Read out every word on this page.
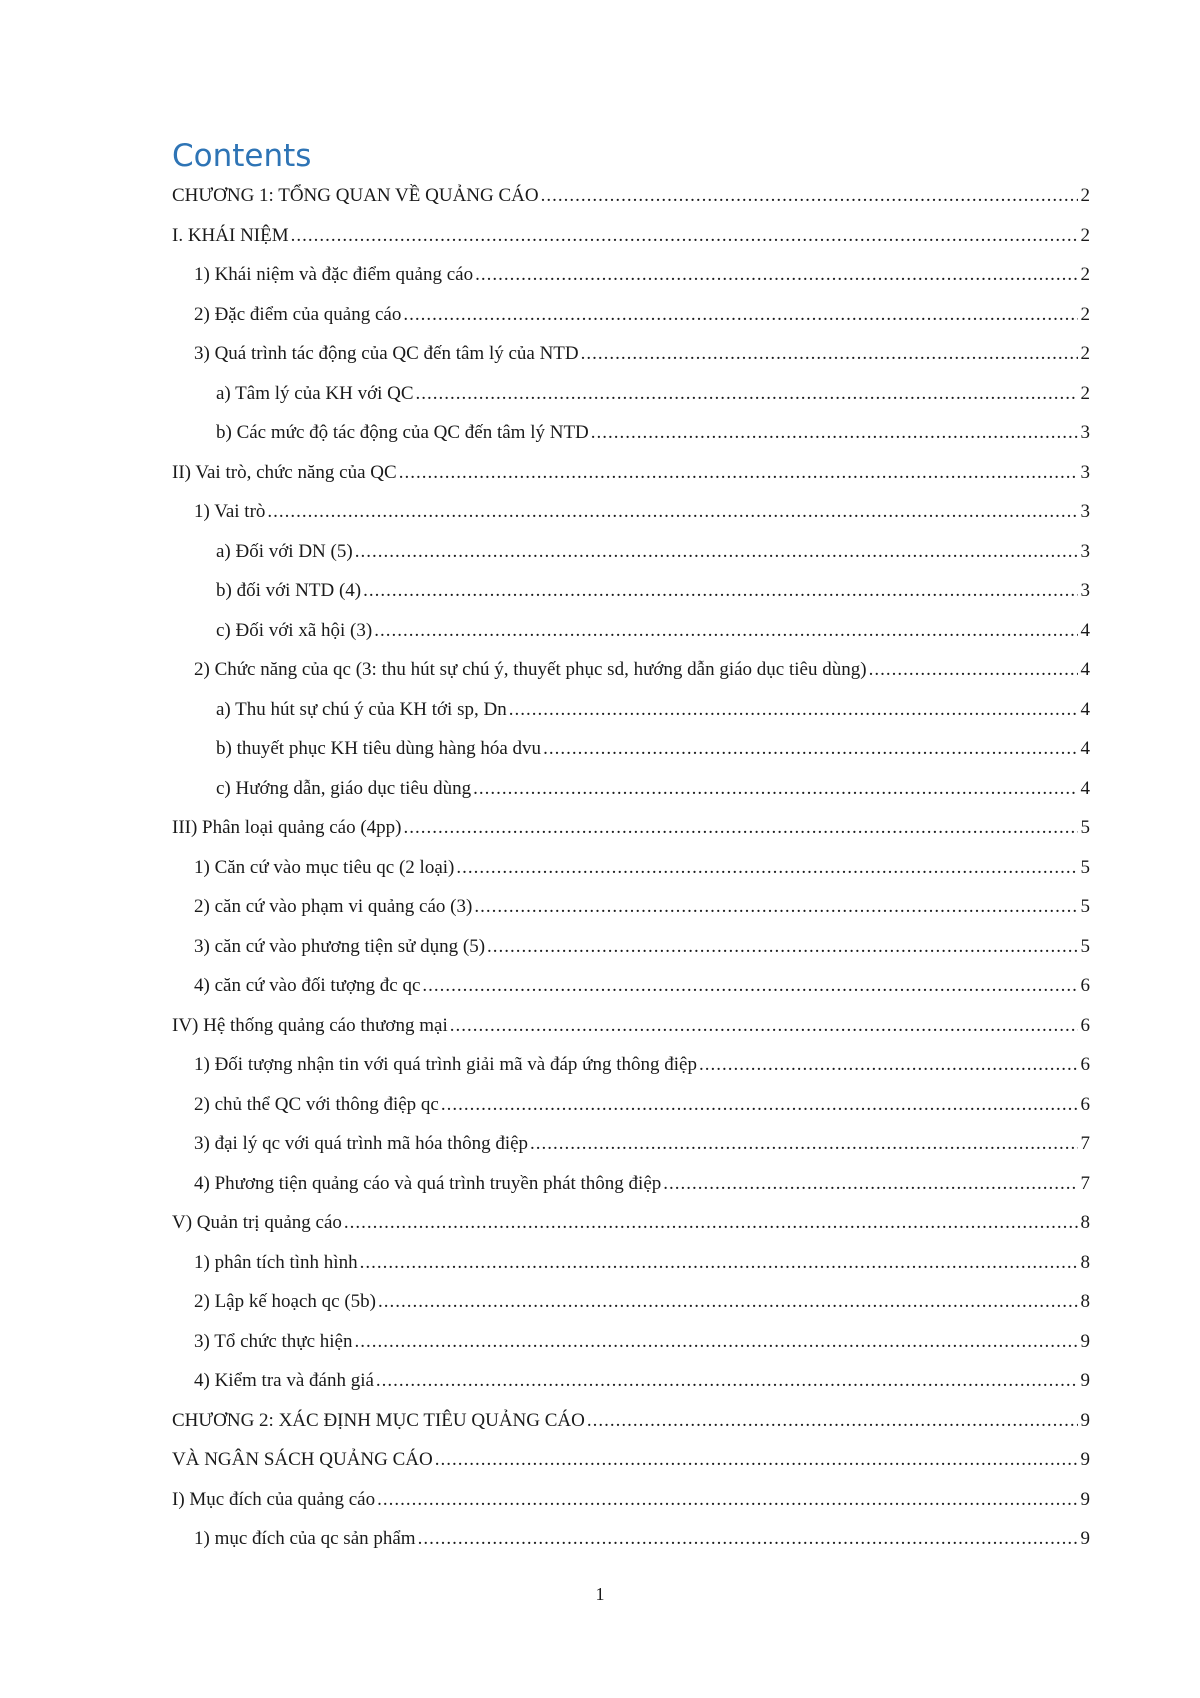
Contents
CHƯƠNG 1: TỔNG QUAN VỀ QUẢNG CÁO .....	2
I. KHÁI NIỆM .....	2
1) Khái niệm và đặc điểm quảng cáo .....	2
2) Đặc điểm của quảng cáo .....	2
3) Quá trình tác động của QC đến tâm lý của NTD .....	2
a) Tâm lý của KH với QC .....	2
b) Các mức độ tác động của QC đến tâm lý NTD .....	3
II) Vai trò, chức năng của QC .....	3
1) Vai trò .....	3
a) Đối với DN (5) .....	3
b) đối với NTD (4) .....	3
c) Đối với xã hội (3) .....	4
2) Chức năng của qc (3: thu hút sự chú ý, thuyết phục sd, hướng dẫn giáo dục tiêu dùng) .....	4
a) Thu hút sự chú ý của KH tới sp, Dn .....	4
b) thuyết phục KH tiêu dùng hàng hóa dvu .....	4
c) Hướng dẫn, giáo dục tiêu dùng .....	4
III) Phân loại quảng cáo (4pp) .....	5
1) Căn cứ vào mục tiêu qc (2 loại) .....	5
2) căn cứ vào phạm vi quảng cáo (3) .....	5
3) căn cứ vào phương tiện sử dụng (5) .....	5
4) căn cứ vào đối tượng đc qc .....	6
IV) Hệ thống quảng cáo thương mại .....	6
1) Đối tượng nhận tin với quá trình giải mã và đáp ứng thông điệp .....	6
2) chủ thể QC với thông điệp qc .....	6
3) đại lý qc với quá trình mã hóa thông điệp .....	7
4) Phương tiện quảng cáo và quá trình truyền phát thông điệp .....	7
V) Quản trị quảng cáo .....	8
1) phân tích tình hình .....	8
2) Lập kế hoạch qc (5b) .....	8
3) Tổ chức thực hiện .....	9
4) Kiểm tra và đánh giá .....	9
CHƯƠNG 2: XÁC ĐỊNH MỤC TIÊU QUẢNG CÁO .....	9
VÀ NGÂN SÁCH QUẢNG CÁO .....	9
I) Mục đích của quảng cáo .....	9
1) mục đích của qc sản phẩm .....	9
1
